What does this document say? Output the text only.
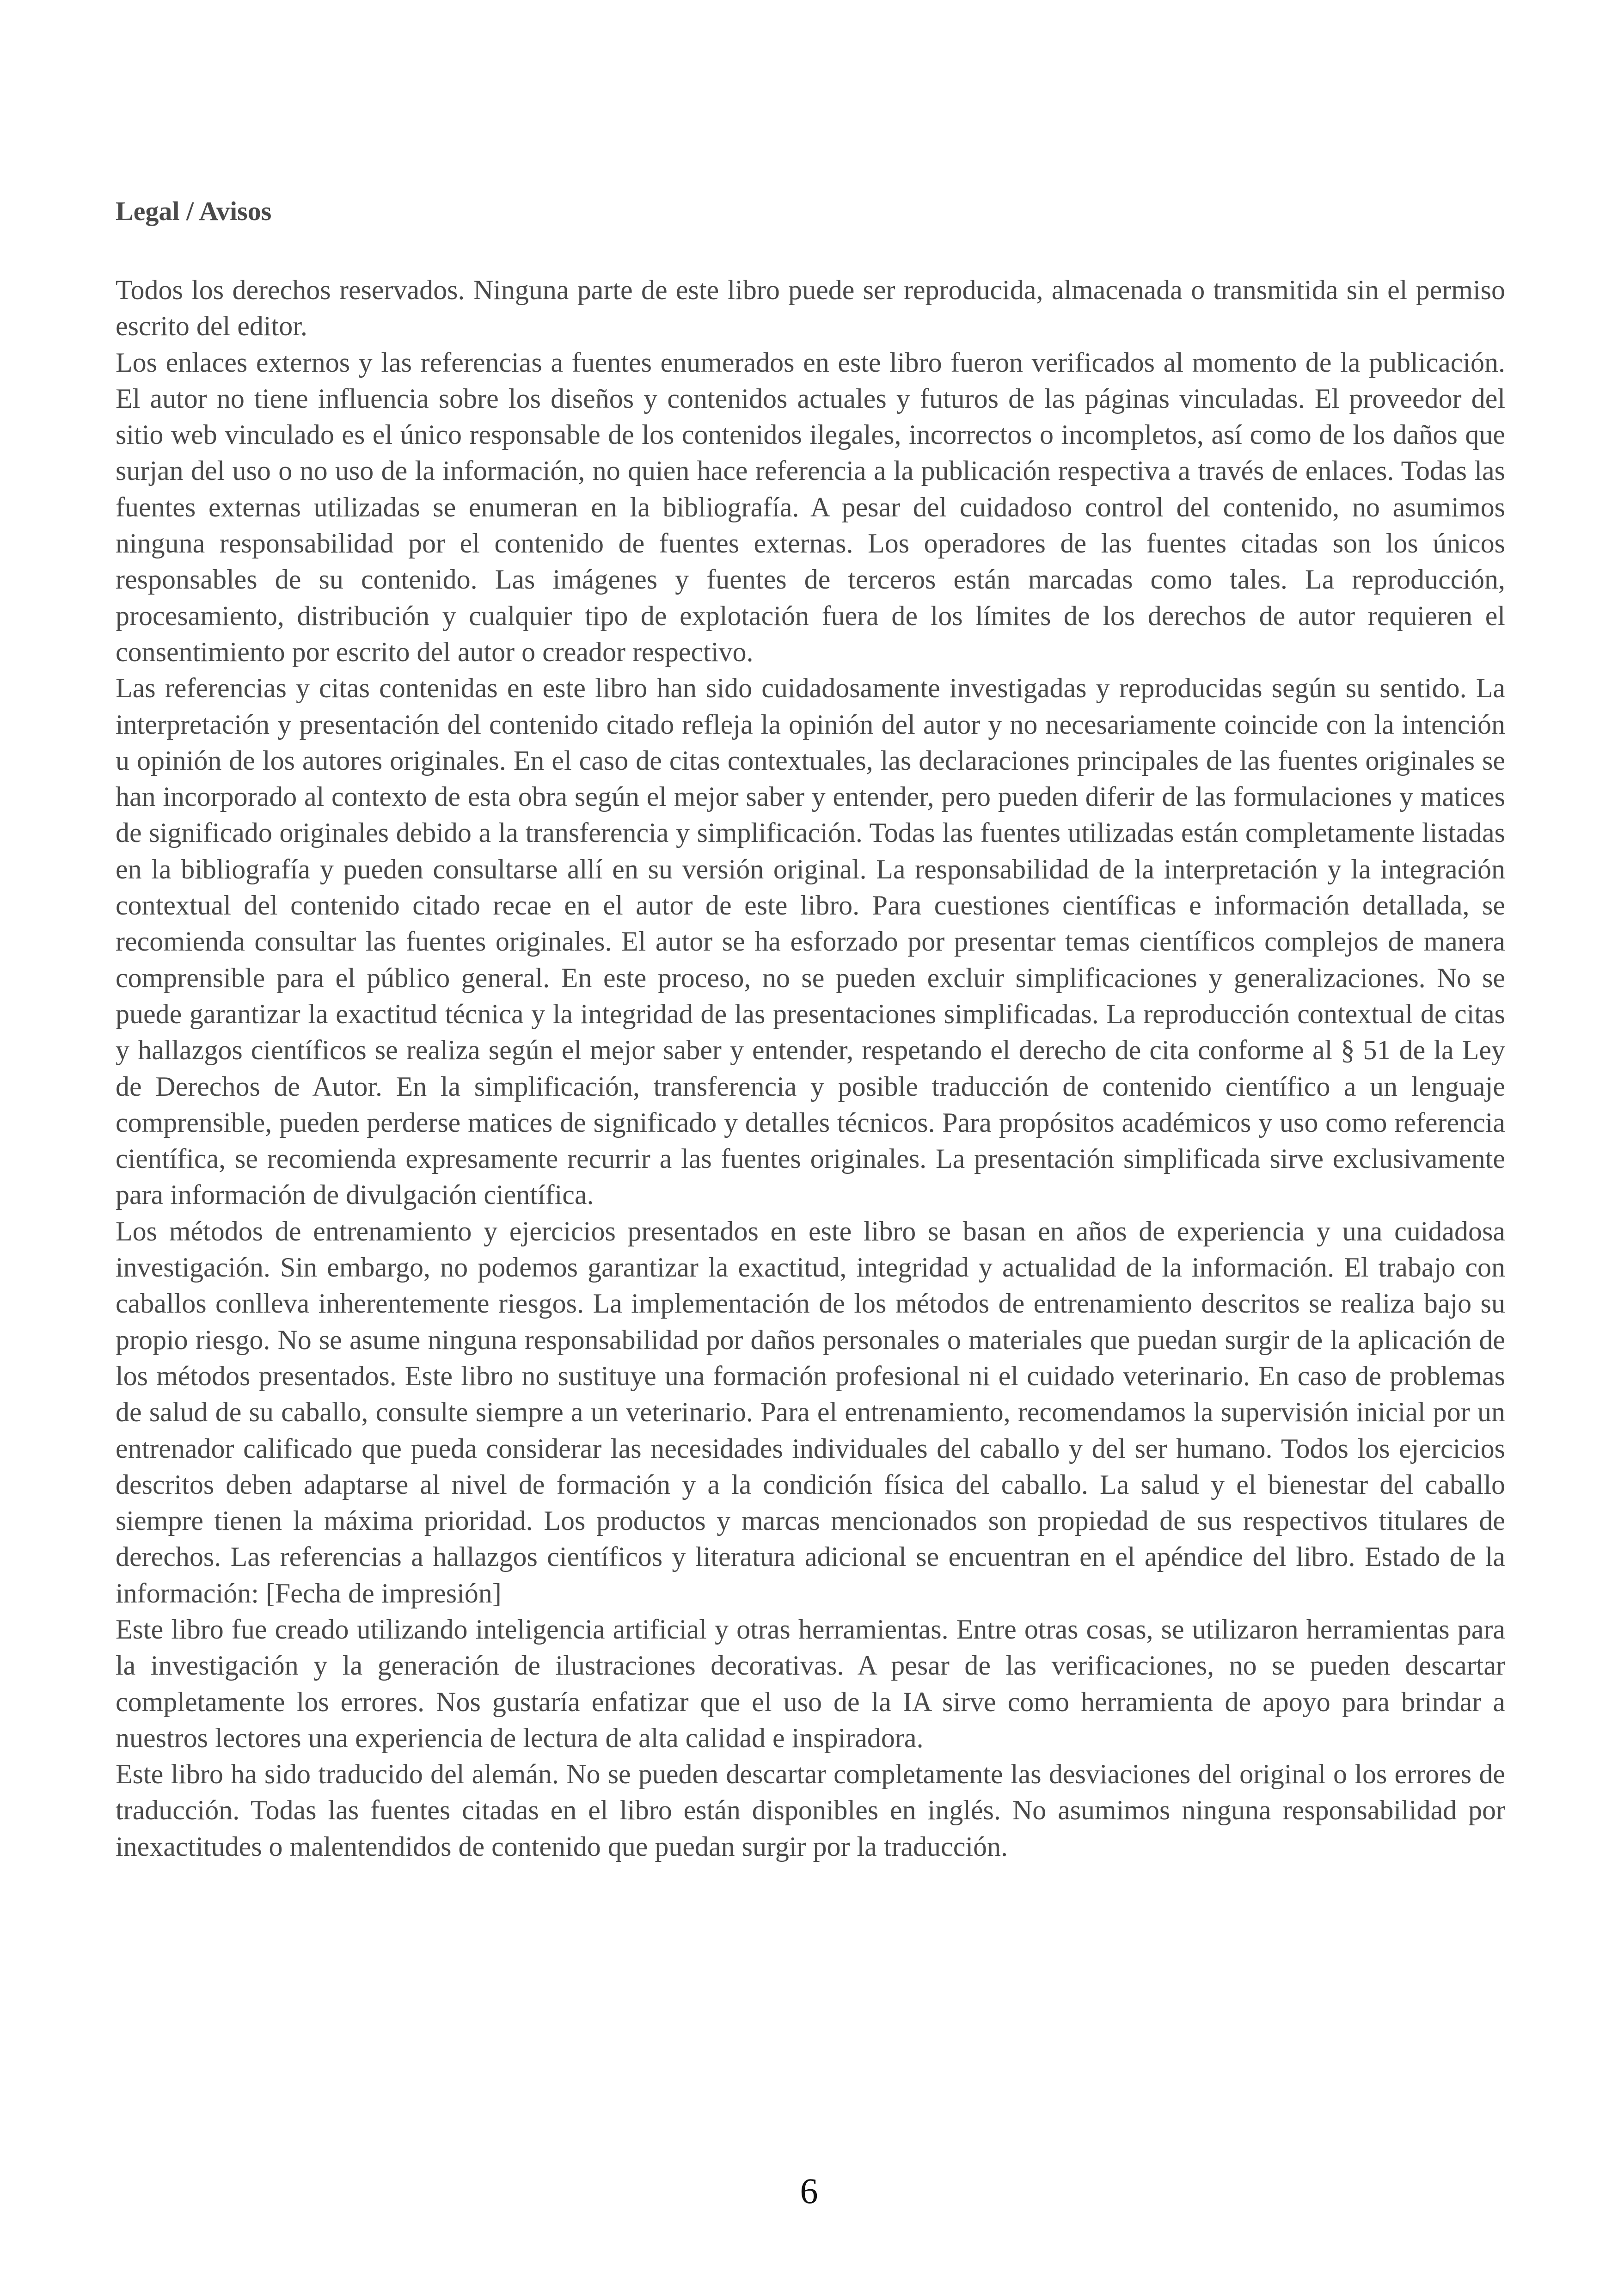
Legal / Avisos

Todos los derechos reservados. Ninguna parte de este libro puede ser reproducida, almacenada o transmitida sin el permiso escrito del editor.

Los enlaces externos y las referencias a fuentes enumerados en este libro fueron verificados al momento de la publicación. El autor no tiene influencia sobre los diseños y contenidos actuales y futuros de las páginas vinculadas. El proveedor del sitio web vinculado es el único responsable de los contenidos ilegales, incorrectos o incompletos, así como de los daños que surjan del uso o no uso de la información, no quien hace referencia a la publicación respectiva a través de enlaces. Todas las fuentes externas utilizadas se enumeran en la bibliografía. A pesar del cuidadoso control del contenido, no asumimos ninguna responsabilidad por el contenido de fuentes externas. Los operadores de las fuentes citadas son los únicos responsables de su contenido. Las imágenes y fuentes de terceros están marcadas como tales. La reproducción, procesamiento, distribución y cualquier tipo de explotación fuera de los límites de los derechos de autor requieren el consentimiento por escrito del autor o creador respectivo.

Las referencias y citas contenidas en este libro han sido cuidadosamente investigadas y reproducidas según su sentido. La interpretación y presentación del contenido citado refleja la opinión del autor y no necesariamente coincide con la intención u opinión de los autores originales. En el caso de citas contextuales, las declaraciones principales de las fuentes originales se han incorporado al contexto de esta obra según el mejor saber y entender, pero pueden diferir de las formulaciones y matices de significado originales debido a la transferencia y simplificación. Todas las fuentes utilizadas están completamente listadas en la bibliografía y pueden consultarse allí en su versión original. La responsabilidad de la interpretación y la integración contextual del contenido citado recae en el autor de este libro. Para cuestiones científicas e información detallada, se recomienda consultar las fuentes originales. El autor se ha esforzado por presentar temas científicos complejos de manera comprensible para el público general. En este proceso, no se pueden excluir simplificaciones y generalizaciones. No se puede garantizar la exactitud técnica y la integridad de las presentaciones simplificadas. La reproducción contextual de citas y hallazgos científicos se realiza según el mejor saber y entender, respetando el derecho de cita conforme al § 51 de la Ley de Derechos de Autor. En la simplificación, transferencia y posible traducción de contenido científico a un lenguaje comprensible, pueden perderse matices de significado y detalles técnicos. Para propósitos académicos y uso como referencia científica, se recomienda expresamente recurrir a las fuentes originales. La presentación simplificada sirve exclusivamente para información de divulgación científica.

Los métodos de entrenamiento y ejercicios presentados en este libro se basan en años de experiencia y una cuidadosa investigación. Sin embargo, no podemos garantizar la exactitud, integridad y actualidad de la información. El trabajo con caballos conlleva inherentemente riesgos. La implementación de los métodos de entrenamiento descritos se realiza bajo su propio riesgo. No se asume ninguna responsabilidad por daños personales o materiales que puedan surgir de la aplicación de los métodos presentados. Este libro no sustituye una formación profesional ni el cuidado veterinario. En caso de problemas de salud de su caballo, consulte siempre a un veterinario. Para el entrenamiento, recomendamos la supervisión inicial por un entrenador calificado que pueda considerar las necesidades individuales del caballo y del ser humano. Todos los ejercicios descritos deben adaptarse al nivel de formación y a la condición física del caballo. La salud y el bienestar del caballo siempre tienen la máxima prioridad. Los productos y marcas mencionados son propiedad de sus respectivos titulares de derechos. Las referencias a hallazgos científicos y literatura adicional se encuentran en el apéndice del libro. Estado de la información: [Fecha de impresión]

Este libro fue creado utilizando inteligencia artificial y otras herramientas. Entre otras cosas, se utilizaron herramientas para la investigación y la generación de ilustraciones decorativas. A pesar de las verificaciones, no se pueden descartar completamente los errores. Nos gustaría enfatizar que el uso de la IA sirve como herramienta de apoyo para brindar a nuestros lectores una experiencia de lectura de alta calidad e inspiradora.

Este libro ha sido traducido del alemán. No se pueden descartar completamente las desviaciones del original o los errores de traducción. Todas las fuentes citadas en el libro están disponibles en inglés. No asumimos ninguna responsabilidad por inexactitudes o malentendidos de contenido que puedan surgir por la traducción.

6
